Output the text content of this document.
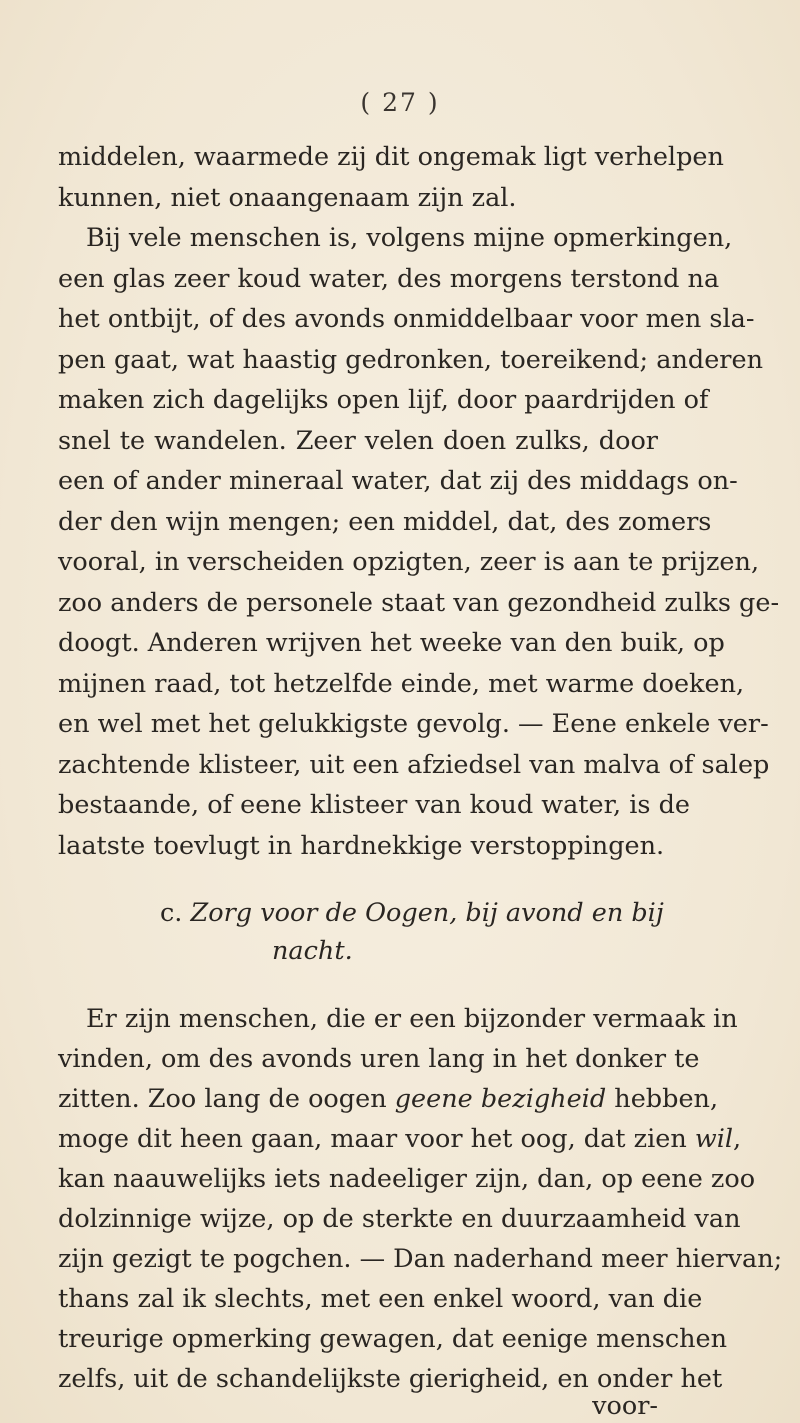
( 27 )
middelen, waarmede zij dit ongemak ligt verhelpen
kunnen, niet onaangenaam zijn zal.
Bij vele menschen is, volgens mijne opmerkingen,
een glas zeer koud water, des morgens terstond na
het ontbijt, of des avonds onmiddelbaar voor men sla-
pen gaat, wat haastig gedronken, toereikend; anderen
maken zich dagelijks open lijf, door paardrijden of
snel te wandelen. Zeer velen doen zulks, door
een of ander mineraal water, dat zij des middags on-
der den wijn mengen; een middel, dat, des zomers
vooral, in verscheiden opzigten, zeer is aan te prijzen,
zoo anders de personele staat van gezondheid zulks ge-
doogt. Anderen wrijven het weeke van den buik, op
mijnen raad, tot hetzelfde einde, met warme doeken,
en wel met het gelukkigste gevolg. — Eene enkele ver-
zachtende klisteer, uit een afziedsel van malva of salep
bestaande, of eene klisteer van koud water, is de
laatste toevlugt in hardnekkige verstoppingen.
c. Zorg voor de Oogen, bij avond en bij
nacht.
Er zijn menschen, die er een bijzonder vermaak in
vinden, om des avonds uren lang in het donker te
zitten. Zoo lang de oogen geene bezigheid hebben,
moge dit heen gaan, maar voor het oog, dat zien wil,
kan naauwelijks iets nadeeliger zijn, dan, op eene zoo
dolzinnige wijze, op de sterkte en duurzaamheid van
zijn gezigt te pogchen. — Dan naderhand meer hiervan;
thans zal ik slechts, met een enkel woord, van die
treurige opmerking gewagen, dat eenige menschen
zelfs, uit de schandelijkste gierigheid, en onder het
voor-
